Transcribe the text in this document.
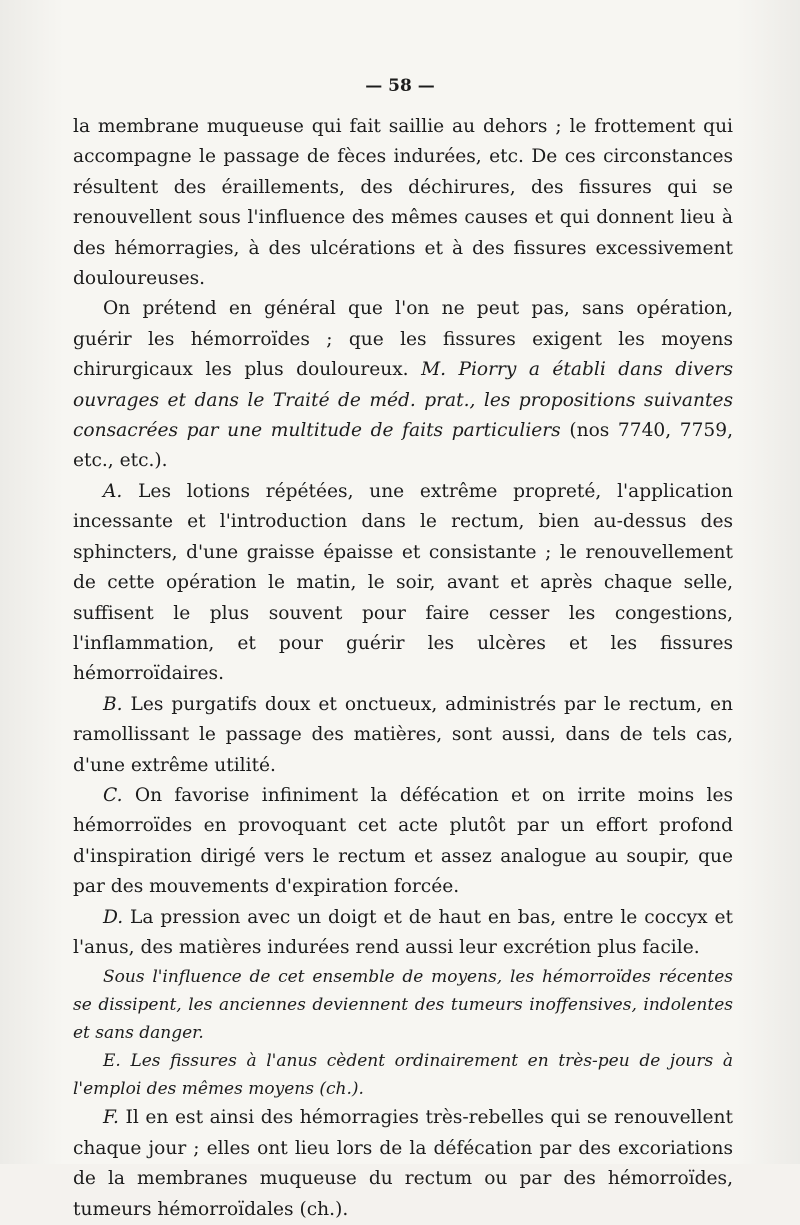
— 58 —

la membrane muqueuse qui fait saillie au dehors ; le frottement qui accompagne le passage de fèces indurées, etc. De ces circonstances résultent des éraillements, des déchirures, des fissures qui se renouvellent sous l'influence des mêmes causes et qui donnent lieu à des hémorragies, à des ulcérations et à des fissures excessivement douloureuses.

On prétend en général que l'on ne peut pas, sans opération, guérir les hémorroïdes ; que les fissures exigent les moyens chirurgicaux les plus douloureux. M. Piorry a établi dans divers ouvrages et dans le Traité de méd. prat., les propositions suivantes consacrées par une multitude de faits particuliers (nos 7740, 7759, etc., etc.).

A. Les lotions répétées, une extrême propreté, l'application incessante et l'introduction dans le rectum, bien au-dessus des sphincters, d'une graisse épaisse et consistante ; le renouvellement de cette opération le matin, le soir, avant et après chaque selle, suffisent le plus souvent pour faire cesser les congestions, l'inflammation, et pour guérir les ulcères et les fissures hémorroïdaires.

B. Les purgatifs doux et onctueux, administrés par le rectum, en ramollissant le passage des matières, sont aussi, dans de tels cas, d'une extrême utilité.

C. On favorise infiniment la défécation et on irrite moins les hémorroïdes en provoquant cet acte plutôt par un effort profond d'inspiration dirigé vers le rectum et assez analogue au soupir, que par des mouvements d'expiration forcée.

D. La pression avec un doigt et de haut en bas, entre le coccyx et l'anus, des matières indurées rend aussi leur excrétion plus facile.

Sous l'influence de cet ensemble de moyens, les hémorroïdes récentes se dissipent, les anciennes deviennent des tumeurs inoffensives, indolentes et sans danger.

E. Les fissures à l'anus cèdent ordinairement en très-peu de jours à l'emploi des mêmes moyens (ch.).

F. Il en est ainsi des hémorragies très-rebelles qui se renouvellent chaque jour ; elles ont lieu lors de la défécation par des excoriations de la membranes muqueuse du rectum ou par des hémorroïdes, tumeurs hémorroïdales (ch.).
